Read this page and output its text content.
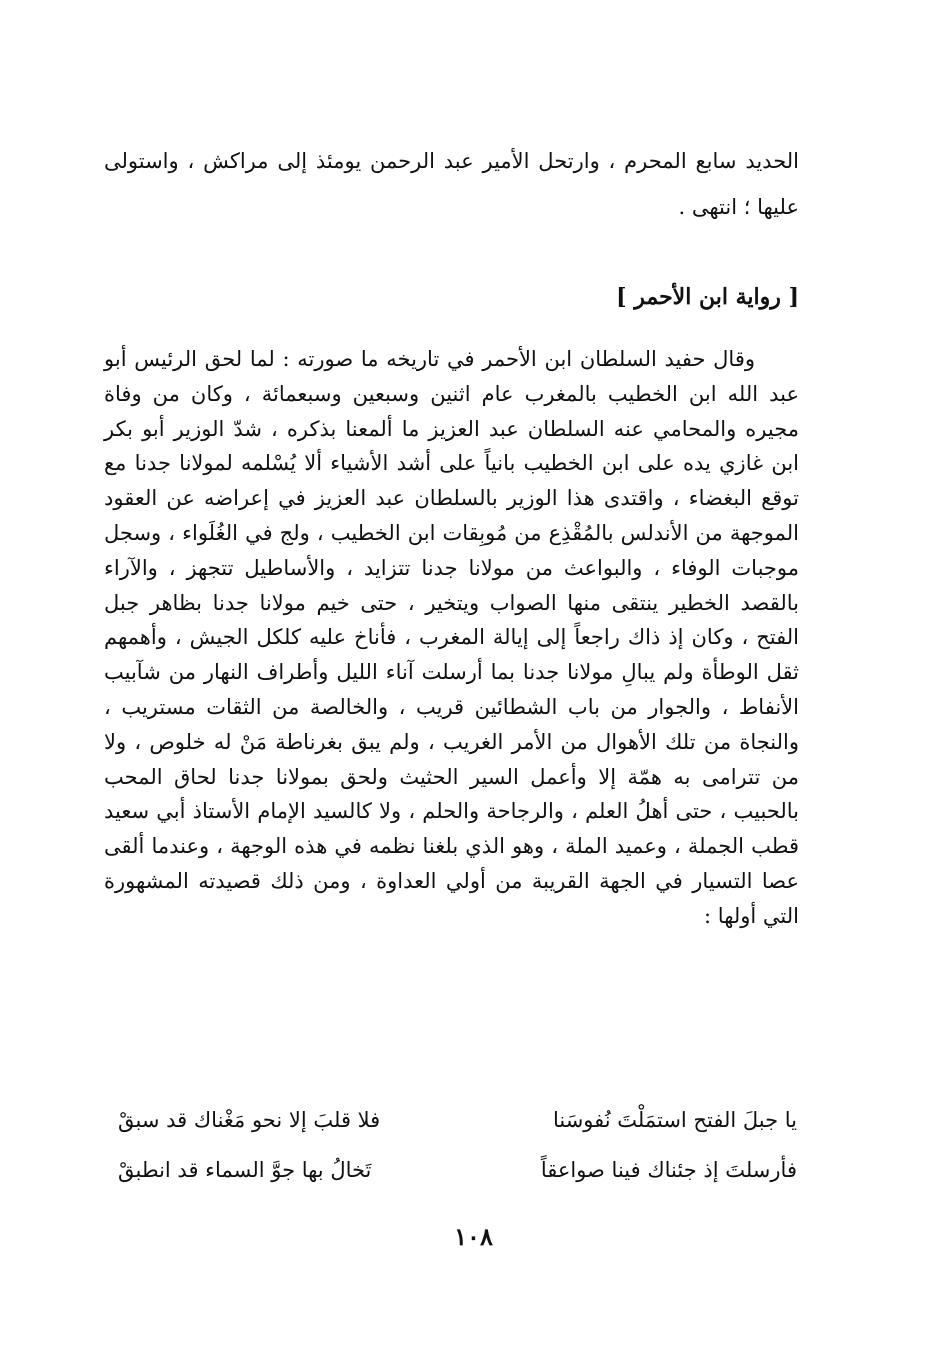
الحديد سابع المحرم ، وارتحل الأمير عبد الرحمن يومئذ إلى مراكش ، واستولى عليها ؛ انتهى .

[ رواية ابن الأحمر ]

وقال حفيد السلطان ابن الأحمر في تاريخه ما صورته : لما لحق الرئيس أبو عبد الله ابن الخطيب بالمغرب عام اثنين وسبعين وسبعمائة ، وكان من وفاة مجيره والمحامي عنه السلطان عبد العزيز ما ألمعنا بذكره ، شدّ الوزير أبو بكر ابن غازي يده على ابن الخطيب بانياً على أشد الأشياء ألا يُسْلمه لمولانا جدنا مع توقع البغضاء ، واقتدى هذا الوزير بالسلطان عبد العزيز في إعراضه عن العقود الموجهة من الأندلس بالمُقْذِع من مُوبِقات ابن الخطيب ، ولج في الغُلَواء ، وسجل موجبات الوفاء ، والبواعث من مولانا جدنا تتزايد ، والأساطيل تتجهز ، والآراء بالقصد الخطير ينتقى منها الصواب ويتخير ، حتى خيم مولانا جدنا بظاهر جبل الفتح ، وكان إذ ذاك راجعاً إلى إيالة المغرب ، فأناخ عليه كلكل الجيش ، وأهمهم ثقل الوطأة ولم يبالِ مولانا جدنا بما أرسلت آناء الليل وأطراف النهار من شآبيب الأنفاط ، والجوار من باب الشطائين قريب ، والخالصة من الثقات مستريب ، والنجاة من تلك الأهوال من الأمر الغريب ، ولم يبق بغرناطة مَنْ له خلوص ، ولا من تترامى به همّة إلا وأعمل السير الحثيث ولحق بمولانا جدنا لحاق المحب بالحبيب ، حتى أهلُ العلم ، والرجاحة والحلم ، ولا كالسيد الإمام الأستاذ أبي سعيد قطب الجملة ، وعميد الملة ، وهو الذي بلغنا نظمه في هذه الوجهة ، وعندما ألقى عصا التسيار في الجهة القريبة من أولي العداوة ، ومن ذلك قصيدته المشهورة التي أولها :

يا جبلَ الفتح استمَلْتَ نُفوسَنا
فلا قلبَ إلا نحو مَغْناك قد سبقْ
فأرسلتَ إذ جئناك فينا صواعقاً
تَخالُ بها جوَّ السماء قد انطبقْ
١٠٨
